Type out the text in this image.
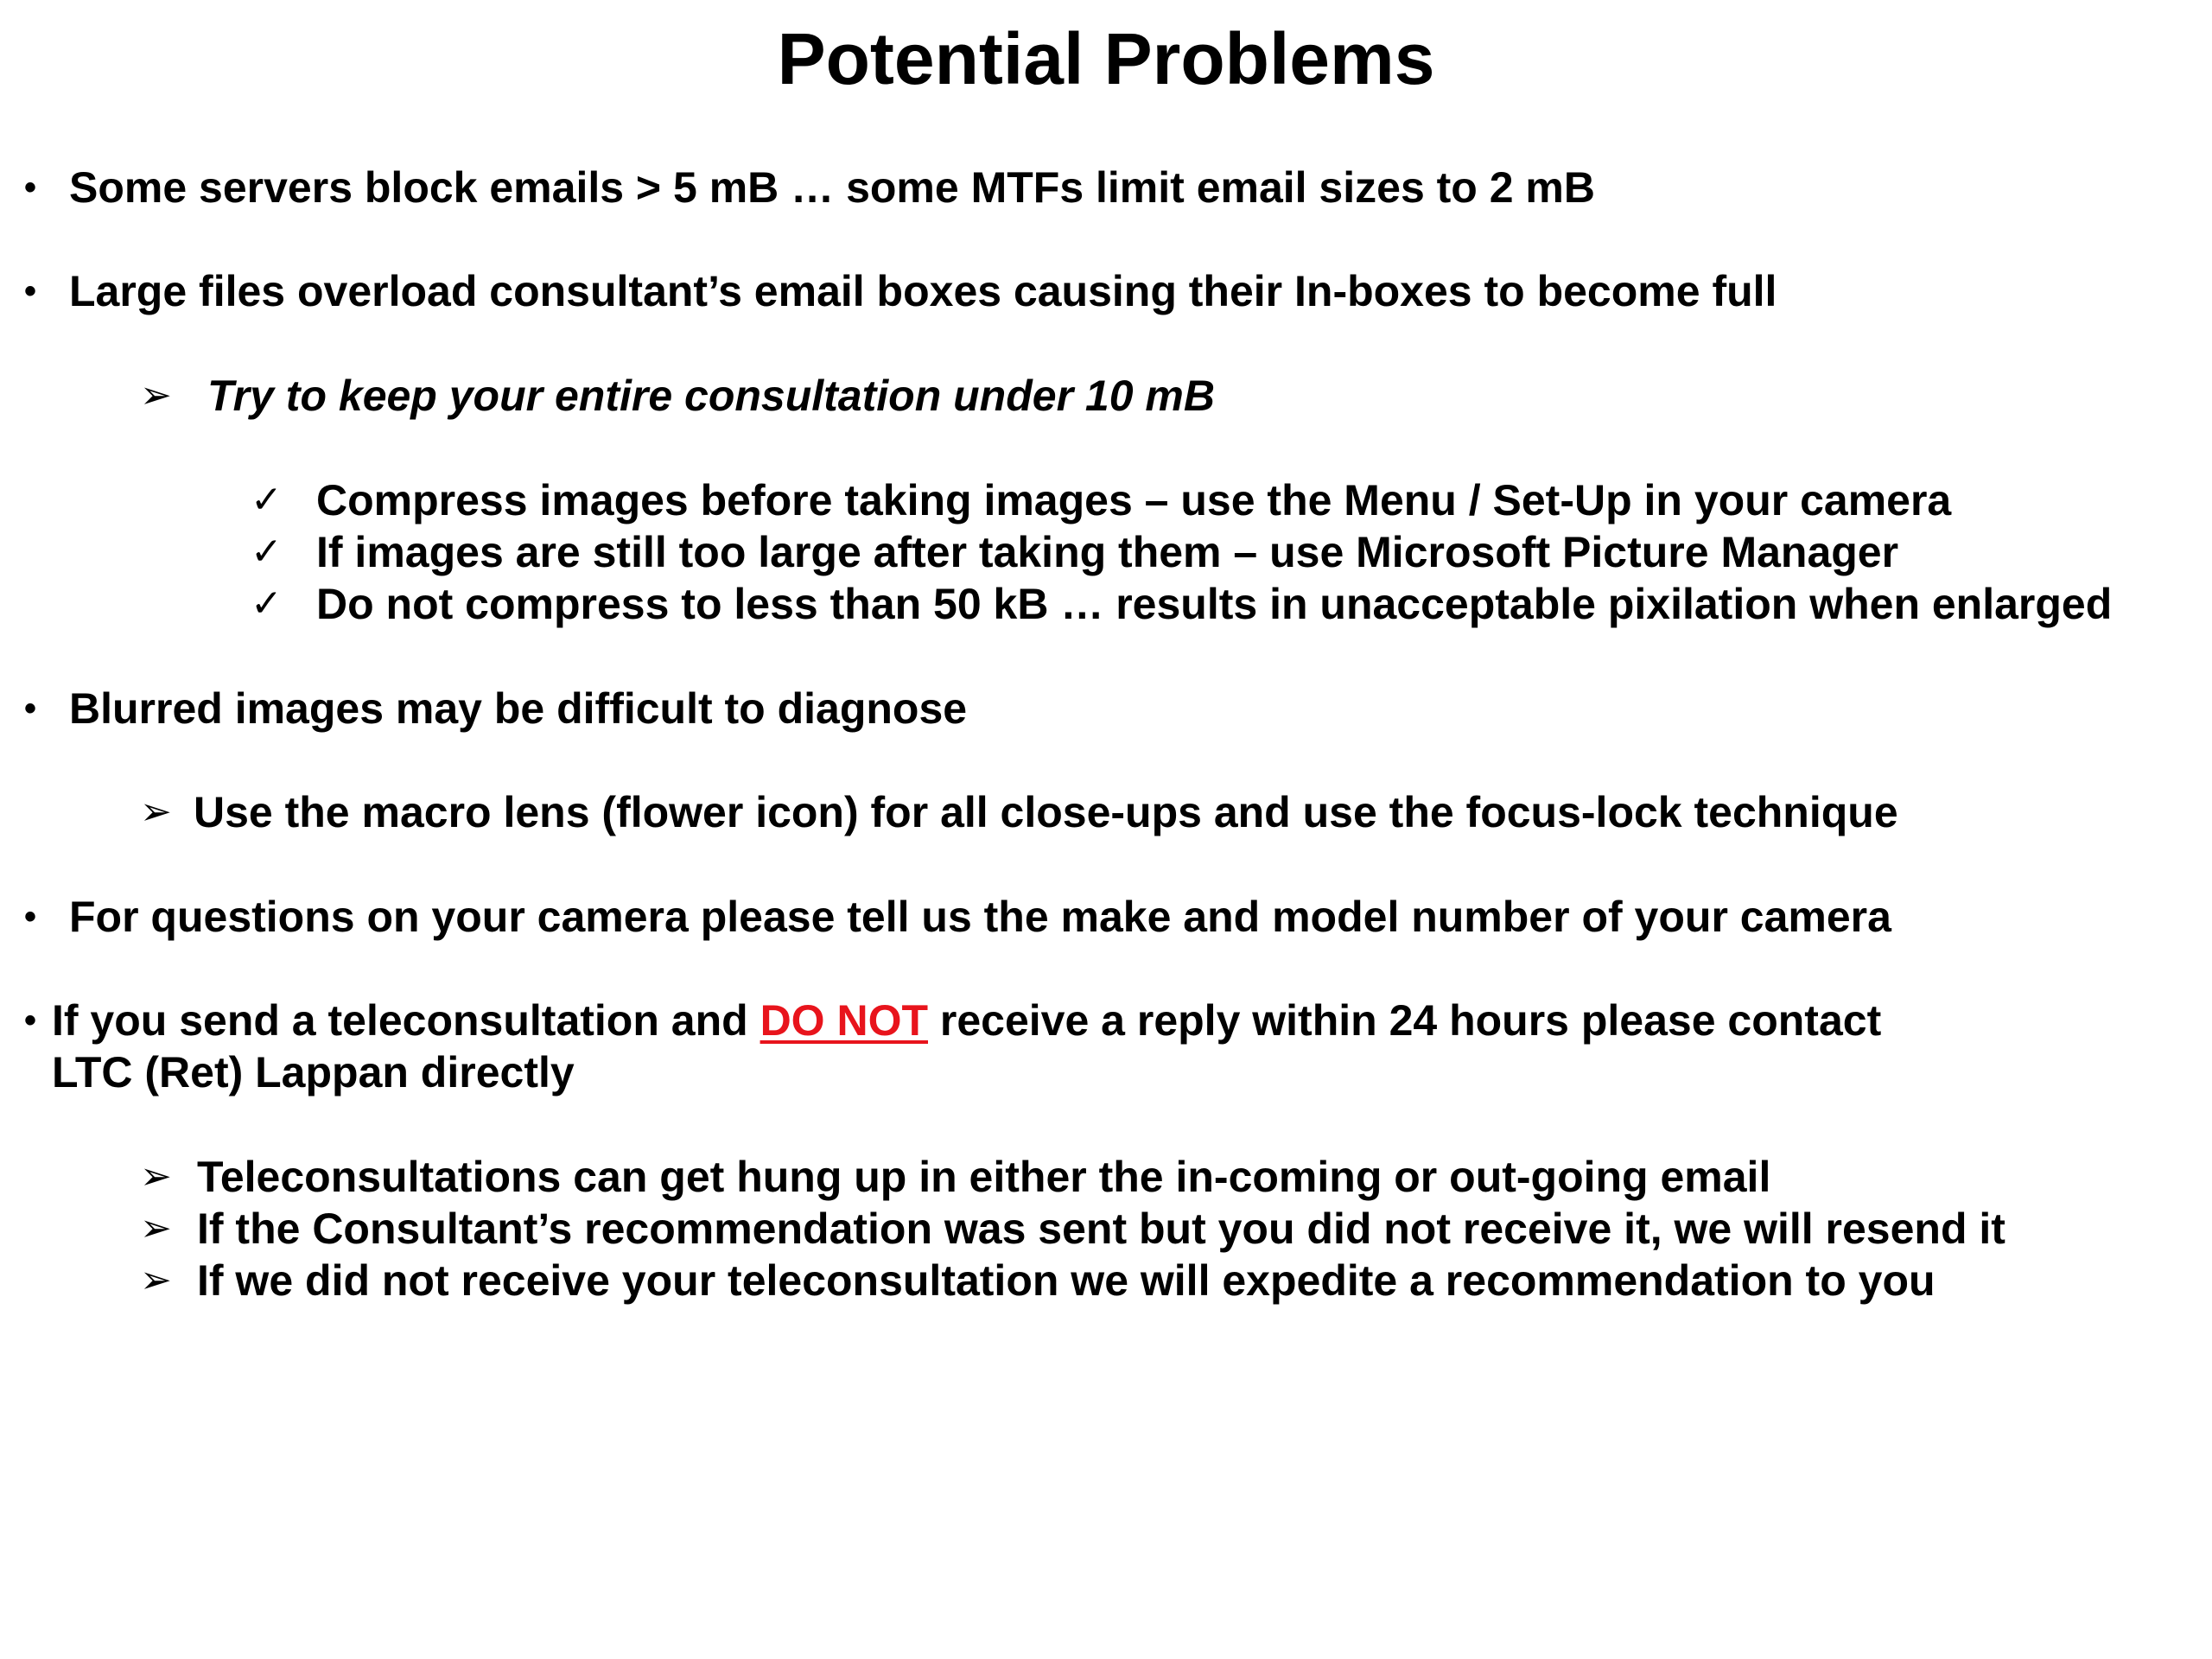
Potential Problems
• Some servers block emails > 5 mB … some MTFs limit email sizes to 2 mB
• Large files overload consultant’s email boxes causing their In-boxes to become full
➢ Try to keep your entire consultation under 10 mB
✓ Compress images before taking images – use the Menu / Set-Up in your camera
✓ If images are still too large after taking them – use Microsoft Picture Manager
✓ Do not compress to less than 50 kB … results in unacceptable pixilation when enlarged
• Blurred images may be difficult to diagnose
➢ Use the macro lens (flower icon) for all close-ups and use the focus-lock technique
• For questions on your camera please tell us the make and model number of your camera
• If you send a teleconsultation and DO NOT receive a reply within 24 hours please contact
LTC (Ret) Lappan directly
➢ Teleconsultations can get hung up in either the in-coming or out-going email
➢ If the Consultant’s recommendation was sent but you did not receive it, we will resend it
➢ If we did not receive your teleconsultation we will expedite a recommendation to you
